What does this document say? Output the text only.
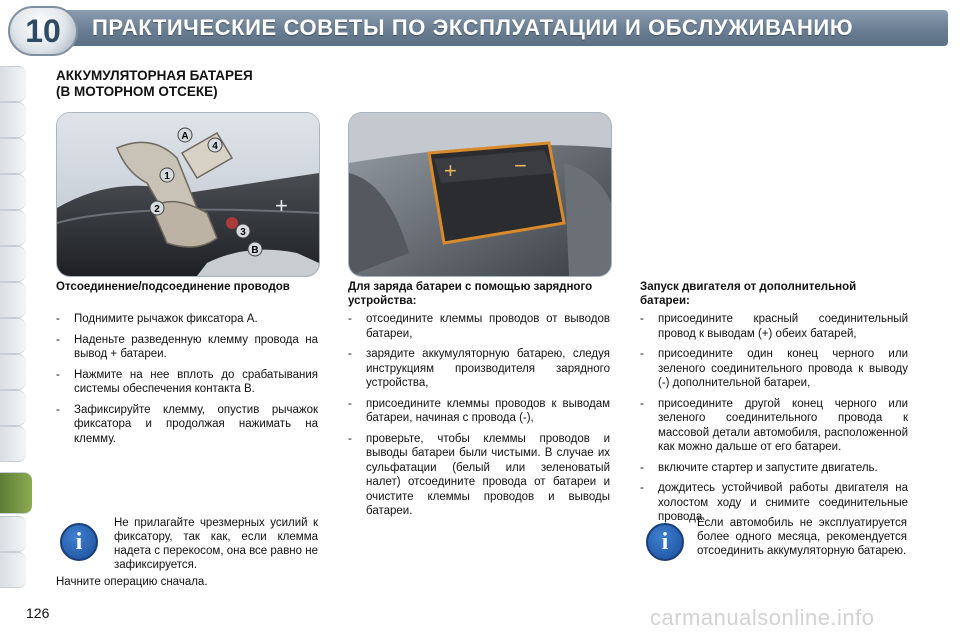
ПРАКТИЧЕСКИЕ СОВЕТЫ ПО ЭКСПЛУАТАЦИИ И ОБСЛУЖИВАНИЮ
10
АККУМУЛЯТОРНАЯ БАТАРЕЯ
(В МОТОРНОМ ОТСЕКЕ)
+
A
1
2
3
4
B
+	−
Отсоединение/подсоединение проводов
- Поднимите рычажок фиксатора A.
- Наденьте разведенную клемму провода на вывод + батареи.
- Нажмите на нее вплоть до срабатывания системы обеспечения контакта B.
- Зафиксируйте клемму, опустив рычажок фиксатора и продолжая нажимать на клемму.
Для заряда батареи с помощью зарядного устройства:
- отсоедините клеммы проводов от выводов батареи,
- зарядите аккумуляторную батарею, следуя инструкциям производителя зарядного устройства,
- присоедините клеммы проводов к выводам батареи, начиная с провода (-),
- проверьте, чтобы клеммы проводов и выводы батареи были чистыми. В случае их сульфатации (белый или зеленоватый налет) отсоедините провода от батареи и очистите клеммы проводов и выводы батареи.
Запуск двигателя от дополнительной батареи:
- присоедините красный соединительный провод к выводам (+) обеих батарей,
- присоедините один конец черного или зеленого соединительного провода к выводу (-) дополнительной батареи,
- присоедините другой конец черного или зеленого соединительного провода к массовой детали автомобиля, расположенной как можно дальше от его батареи.
- включите стартер и запустите двигатель.
- дождитесь устойчивой работы двигателя на холостом ходу и снимите соединительные провода.
i

Не прилагайте чрезмерных усилий к фиксатору, так как, если клемма надета с перекосом, она все равно не зафиксируется.

Начните операцию сначала.

i

Если автомобиль не эксплуатируется более одного месяца, рекомендуется отсоединить аккумуляторную батарею.

126	carmanualsonline.info
